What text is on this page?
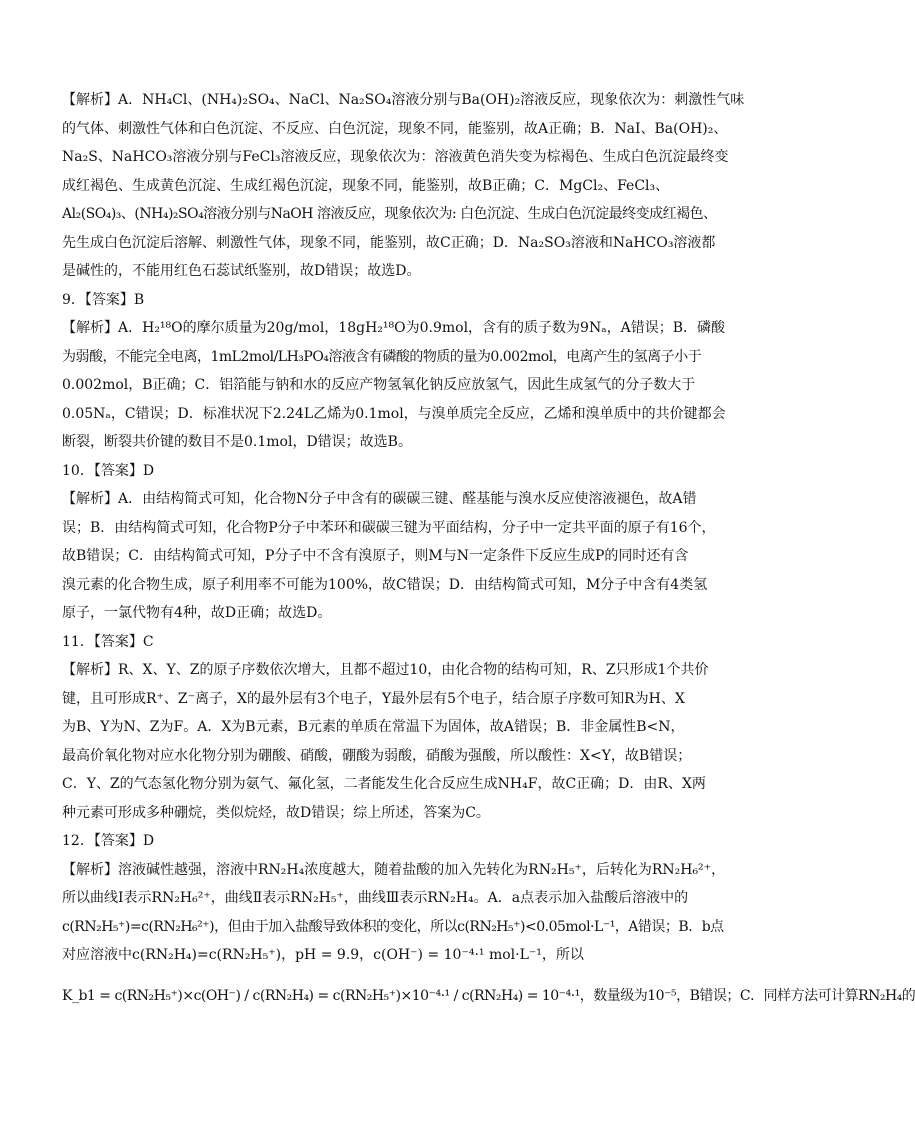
【解析】A．NH₄Cl、(NH₄)₂SO₄、NaCl、Na₂SO₄溶液分别与Ba(OH)₂溶液反应，现象依次为：刺激性气味
的气体、刺激性气体和白色沉淀、不反应、白色沉淀，现象不同，能鉴别，故A正确；B．NaI、Ba(OH)₂、
Na₂S、NaHCO₃溶液分别与FeCl₃溶液反应，现象依次为：溶液黄色消失变为棕褐色、生成白色沉淀最终变
成红褐色、生成黄色沉淀、生成红褐色沉淀，现象不同，能鉴别，故B正确；C．MgCl₂、FeCl₃、
Al₂(SO₄)₃、(NH₄)₂SO₄溶液分别与NaOH 溶液反应，现象依次为: 白色沉淀、生成白色沉淀最终变成红褐色、
先生成白色沉淀后溶解、刺激性气体，现象不同，能鉴别，故C正确；D．Na₂SO₃溶液和NaHCO₃溶液都
是碱性的，不能用红色石蕊试纸鉴别，故D错误；故选D。
9．【答案】B
【解析】A．H₂¹⁸O的摩尔质量为20g/mol，18gH₂¹⁸O为0.9mol，含有的质子数为9Nₐ，A错误；B．磷酸
为弱酸，不能完全电离，1mL2mol/LH₃PO₄溶液含有磷酸的物质的量为0.002mol，电离产生的氢离子小于
0.002mol，B正确；C．铝箔能与钠和水的反应产物氢氧化钠反应放氢气，因此生成氢气的分子数大于
0.05Nₐ，C错误；D．标准状况下2.24L乙烯为0.1mol，与溴单质完全反应，乙烯和溴单质中的共价键都会
断裂，断裂共价键的数目不是0.1mol，D错误；故选B。
10．【答案】D
【解析】A．由结构简式可知，化合物N分子中含有的碳碳三键、醛基能与溴水反应使溶液褪色，故A错
误；B．由结构简式可知，化合物P分子中苯环和碳碳三键为平面结构，分子中一定共平面的原子有16个，
故B错误；C．由结构简式可知，P分子中不含有溴原子，则M与N一定条件下反应生成P的同时还有含
溴元素的化合物生成，原子利用率不可能为100%，故C错误；D．由结构简式可知，M分子中含有4类氢
原子，一氯代物有4种，故D正确；故选D。
11．【答案】C
【解析】R、X、Y、Z的原子序数依次增大，且都不超过10，由化合物的结构可知，R、Z只形成1个共价
键，且可形成R⁺、Z⁻离子，X的最外层有3个电子，Y最外层有5个电子，结合原子序数可知R为H、X
为B、Y为N、Z为F。A．X为B元素，B元素的单质在常温下为固体，故A错误；B．非金属性B<N，
最高价氧化物对应水化物分别为硼酸、硝酸，硼酸为弱酸，硝酸为强酸，所以酸性：X<Y，故B错误；
C．Y、Z的气态氢化物分别为氨气、氟化氢，二者能发生化合反应生成NH₄F，故C正确；D．由R、X两
种元素可形成多种硼烷，类似烷烃，故D错误；综上所述，答案为C。
12．【答案】D
【解析】溶液碱性越强，溶液中RN₂H₄浓度越大，随着盐酸的加入先转化为RN₂H₅⁺，后转化为RN₂H₆²⁺，
所以曲线Ⅰ表示RN₂H₆²⁺，曲线Ⅱ表示RN₂H₅⁺，曲线Ⅲ表示RN₂H₄。A．a点表示加入盐酸后溶液中的
c(RN₂H₅⁺)=c(RN₂H₆²⁺)，但由于加入盐酸导致体积的变化，所以c(RN₂H₅⁺)<0.05mol·L⁻¹，A错误；B．b点
对应溶液中c(RN₂H₄)=c(RN₂H₅⁺)，pH = 9.9，c(OH⁻) = 10⁻⁴·¹ mol·L⁻¹，所以
K_b1 = c(RN₂H₅⁺)×c(OH⁻) / c(RN₂H₄) = c(RN₂H₅⁺)×10⁻⁴·¹ / c(RN₂H₄) = 10⁻⁴·¹，数量级为10⁻⁵，B错误；C．同样方法可计算RN₂H₄的
